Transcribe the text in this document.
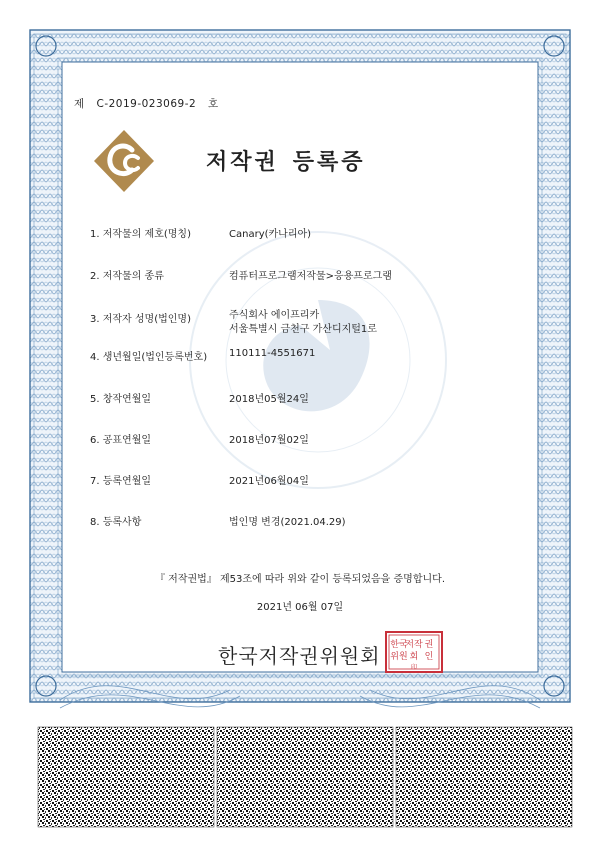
제 C-2019-023069-2 호
저작권 등록증
1. 저작물의 제호(명칭)	Canary(카나리아)
2. 저작물의 종류	컴퓨터프로그램저작물>응용프로그램
3. 저작자 성명(법인명)	주식회사 에이프리카
서울특별시 금천구 가산디지털1로
4. 생년월일(법인등록번호) 110111-4551671
5. 창작연월일	2018년05월24일
6. 공표연월일	2018년07월02일
7. 등록연월일	2021년06월04일
8. 등록사항	법인명 변경(2021.04.29)
『 저작권법』 제53조에 따라 위와 같이 등록되었음을 증명합니다.
2021년 06월 07일
한국저작권위원회 한국
저작 권
위원 회 인
印
